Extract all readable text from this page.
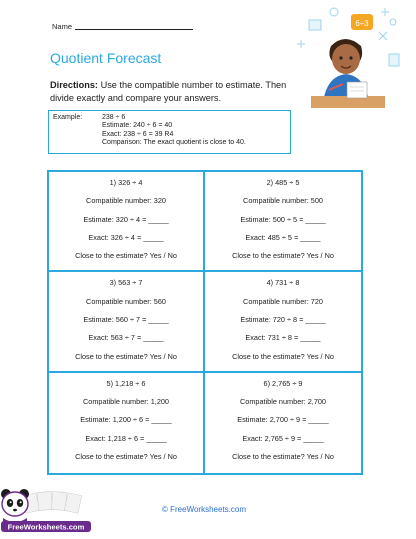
Name
Quotient Forecast
Directions: Use the compatible number to estimate. Then divide exactly and compare your answers.
Example:	238 ÷ 6
Estimate: 240 ÷ 6 = 40
Exact: 238 ÷ 6 = 39 R4
Comparison: The exact quotient is close to 40.
6÷3
1) 326 ÷ 4
Compatible number: 320
Estimate: 320 ÷ 4 = _____
Exact: 326 ÷ 4 = _____
Close to the estimate? Yes / No
2) 485 ÷ 5
Compatible number: 500
Estimate: 500 ÷ 5 = _____
Exact: 485 ÷ 5 = _____
Close to the estimate? Yes / No
3) 563 ÷ 7
Compatible number: 560
Estimate: 560 ÷ 7 = _____
Exact: 563 ÷ 7 = _____
Close to the estimate? Yes / No
4) 731 ÷ 8
Compatible number: 720
Estimate: 720 ÷ 8 = _____
Exact: 731 ÷ 8 = _____
Close to the estimate? Yes / No
5) 1,218 ÷ 6
Compatible number: 1,200
Estimate: 1,200 ÷ 6 = _____
Exact: 1,218 ÷ 6 = _____
Close to the estimate? Yes / No
6) 2,765 ÷ 9
Compatible number: 2,700
Estimate: 2,700 ÷ 9 = _____
Exact: 2,765 ÷ 9 = _____
Close to the estimate? Yes / No
FreeWorksheets.com
© FreeWorksheets.com
